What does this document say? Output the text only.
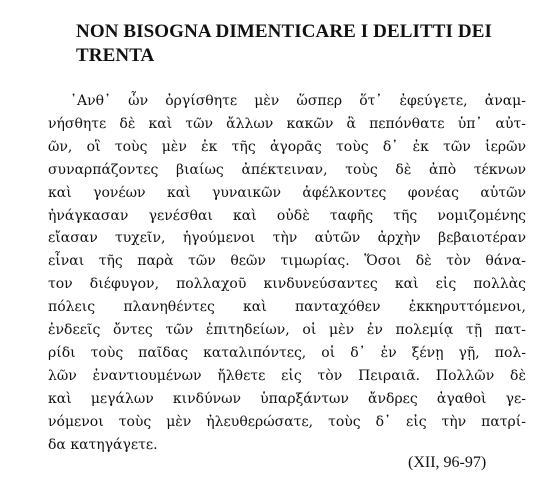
NON BISOGNA DIMENTICARE I DELITTI DEI
TRENTA
᾿Ανθ᾿ ὧν ὀργίσθητε μὲν ὥσπερ ὅτ᾿ ἐφεύγετε, ἀναμ-
νήσθητε δὲ καὶ τῶν ἄλλων κακῶν ἃ πεπόνθατε ὑπ᾿ αὐτ-
ῶν, οἳ τοὺς μὲν ἐκ τῆς ἀγορᾶς τοὺς δ᾿ ἐκ τῶν ἱερῶν
συναρπάζοντες βιαίως ἀπέκτειναν, τοὺς δὲ ἀπὸ τέκνων
καὶ γονέων καὶ γυναικῶν ἀφέλκοντες φονέας αὑτῶν
ἠνάγκασαν γενέσθαι καὶ οὐδὲ ταφῆς τῆς νομιζομένης
εἴασαν τυχεῖν, ἡγούμενοι τὴν αὑτῶν ἀρχὴν βεβαιοτέραν
εἶναι τῆς παρὰ τῶν θεῶν τιμωρίας. Ὅσοι δὲ τὸν θάνα-
τον διέφυγον, πολλαχοῦ κινδυνεύσαντες καὶ εἰς πολλὰς
πόλεις πλανηθέντες καὶ πανταχόθεν ἐκκηρυττόμενοι,
ἐνδεεῖς ὄντες τῶν ἐπιτηδείων, οἱ μὲν ἐν πολεμίᾳ τῇ πατ-
ρίδι τοὺς παῖδας καταλιπόντες, οἱ δ᾿ ἐν ξένῃ γῇ, πολ-
λῶν ἐναντιουμένων ἤλθετε εἰς τὸν Πειραιᾶ. Πολλῶν δὲ
καὶ μεγάλων κινδύνων ὑπαρξάντων ἄνδρες ἀγαθοὶ γε-
νόμενοι τοὺς μὲν ἠλευθερώσατε, τοὺς δ᾿ εἰς τὴν πατρί-
δα κατηγάγετε.
(XII, 96-97)
